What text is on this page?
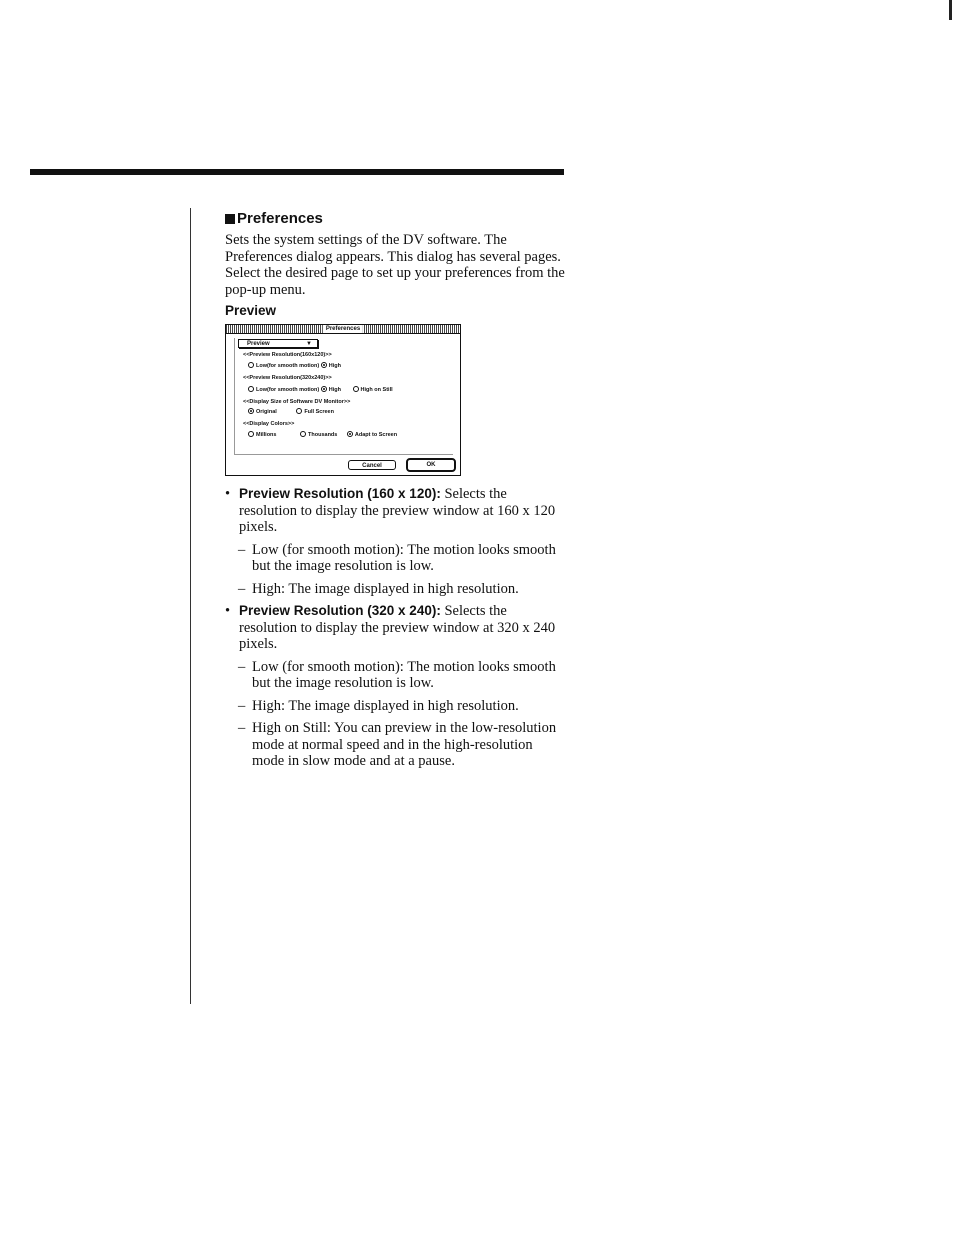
Preferences

Sets the system settings of the DV software. The Preferences dialog appears. This dialog has several pages. Select the desired page to set up your preferences from the pop-up menu.

Preview
Preferences
Preview	▼
<<Preview Resolution(160x120)>>
Low(for smooth motion) High
<<Preview Resolution(320x240)>>
Low(for smooth motion) High	High on Still
<<Display Size of Software DV Monitor>>
Original	Full Screen
<<Display Colors>>
Millions	Thousands	Adapt to Screen
Cancel	OK
• Preview Resolution (160 x 120): Selects the resolution to display the preview window at 160 x 120 pixels.
– Low (for smooth motion): The motion looks smooth but the image resolution is low.
– High: The image displayed in high resolution.
• Preview Resolution (320 x 240): Selects the resolution to display the preview window at 320 x 240 pixels.
– Low (for smooth motion): The motion looks smooth but the image resolution is low.
– High: The image displayed in high resolution.
– High on Still: You can preview in the low-resolution mode at normal speed and in the high-resolution mode in slow mode and at a pause.
